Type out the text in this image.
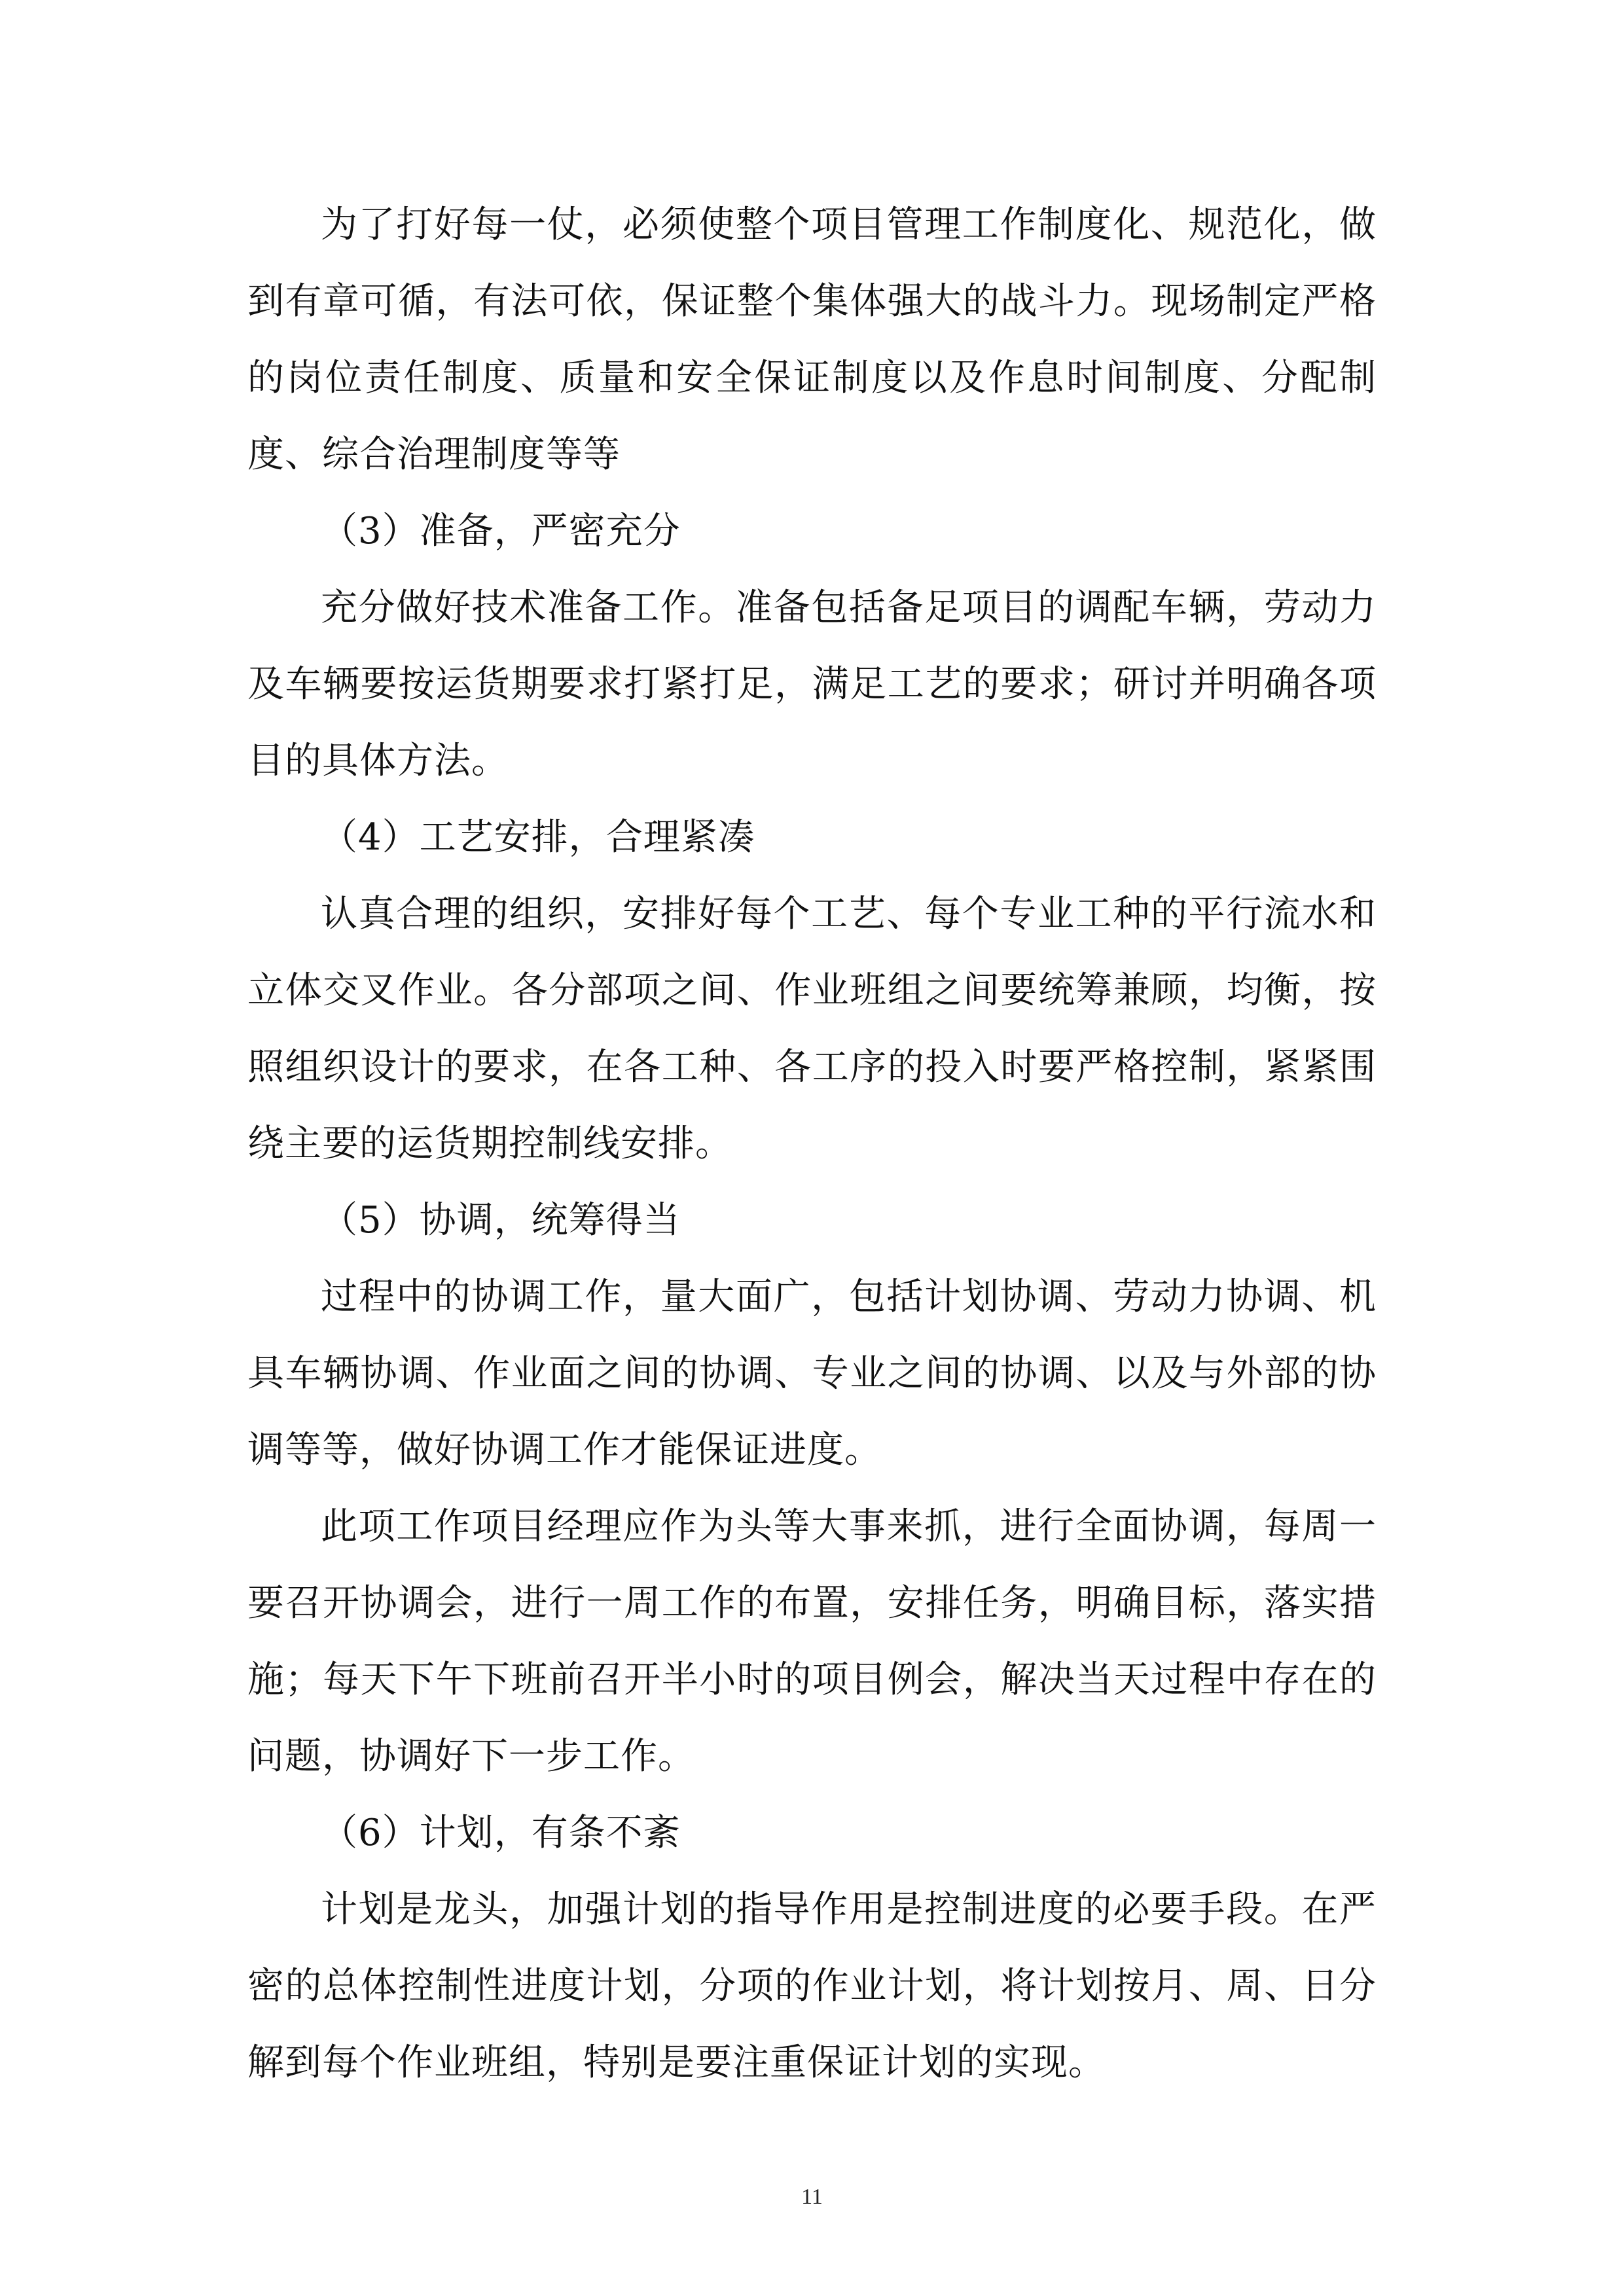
为了打好每一仗，必须使整个项目管理工作制度化、规范化，做到有章可循，有法可依，保证整个集体强大的战斗力。现场制定严格的岗位责任制度、质量和安全保证制度以及作息时间制度、分配制度、综合治理制度等等

（3）准备，严密充分

充分做好技术准备工作。准备包括备足项目的调配车辆，劳动力及车辆要按运货期要求打紧打足，满足工艺的要求；研讨并明确各项目的具体方法。

（4）工艺安排，合理紧凑

认真合理的组织，安排好每个工艺、每个专业工种的平行流水和立体交叉作业。各分部项之间、作业班组之间要统筹兼顾，均衡，按照组织设计的要求，在各工种、各工序的投入时要严格控制，紧紧围绕主要的运货期控制线安排。

（5）协调，统筹得当

过程中的协调工作，量大面广，包括计划协调、劳动力协调、机具车辆协调、作业面之间的协调、专业之间的协调、以及与外部的协调等等，做好协调工作才能保证进度。

此项工作项目经理应作为头等大事来抓，进行全面协调，每周一要召开协调会，进行一周工作的布置，安排任务，明确目标，落实措施；每天下午下班前召开半小时的项目例会，解决当天过程中存在的问题，协调好下一步工作。

（6）计划，有条不紊

计划是龙头，加强计划的指导作用是控制进度的必要手段。在严密的总体控制性进度计划，分项的作业计划，将计划按月、周、日分解到每个作业班组，特别是要注重保证计划的实现。

11
